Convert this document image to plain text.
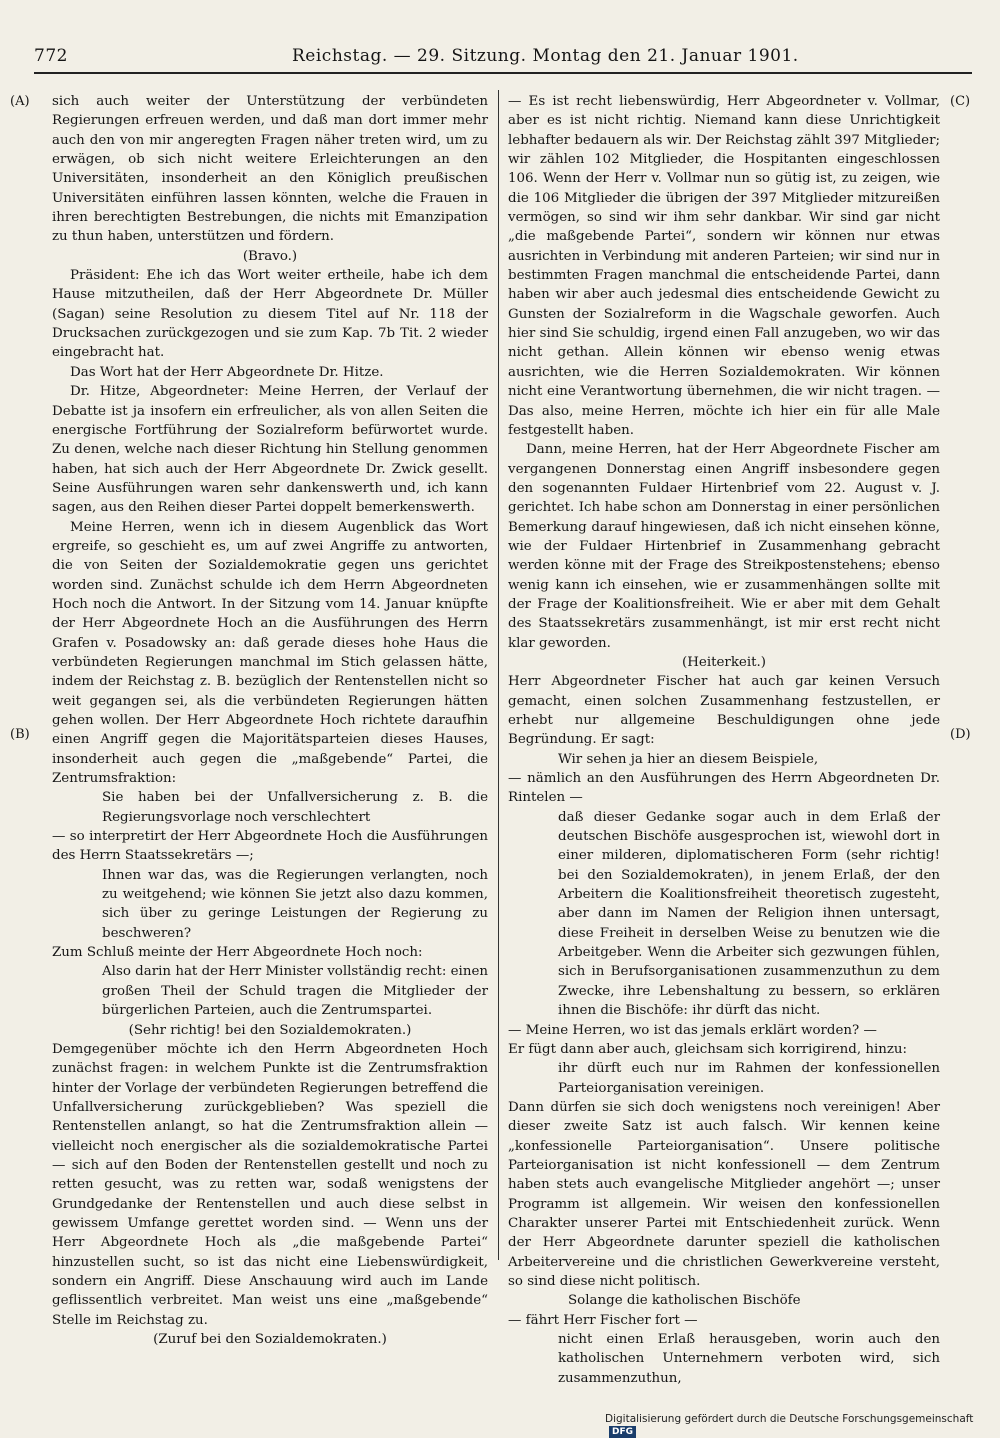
772	Reichstag. — 29. Sitzung. Montag den 21. Januar 1901.
(A)
(B)
(C)
(D)

sich auch weiter der Unterstützung der verbündeten Regierungen erfreuen werden, und daß man dort immer mehr auch den von mir angeregten Fragen näher treten wird, um zu erwägen, ob sich nicht weitere Erleichterungen an den Universitäten, insonderheit an den Königlich preußischen Universitäten einführen lassen könnten, welche die Frauen in ihren berechtigten Bestrebungen, die nichts mit Emanzipation zu thun haben, unterstützen und fördern.

(Bravo.)

Präsident: Ehe ich das Wort weiter ertheile, habe ich dem Hause mitzutheilen, daß der Herr Abgeordnete Dr. Müller (Sagan) seine Resolution zu diesem Titel auf Nr. 118 der Drucksachen zurückgezogen und sie zum Kap. 7b Tit. 2 wieder eingebracht hat.

Das Wort hat der Herr Abgeordnete Dr. Hitze.

Dr. Hitze, Abgeordneter: Meine Herren, der Verlauf der Debatte ist ja insofern ein erfreulicher, als von allen Seiten die energische Fortführung der Sozialreform befürwortet wurde. Zu denen, welche nach dieser Richtung hin Stellung genommen haben, hat sich auch der Herr Abgeordnete Dr. Zwick gesellt. Seine Ausführungen waren sehr dankenswerth und, ich kann sagen, aus den Reihen dieser Partei doppelt bemerkenswerth.

Meine Herren, wenn ich in diesem Augenblick das Wort ergreife, so geschieht es, um auf zwei Angriffe zu antworten, die von Seiten der Sozialdemokratie gegen uns gerichtet worden sind. Zunächst schulde ich dem Herrn Abgeordneten Hoch noch die Antwort. In der Sitzung vom 14. Januar knüpfte der Herr Abgeordnete Hoch an die Ausführungen des Herrn Grafen v. Posadowsky an: daß gerade dieses hohe Haus die verbündeten Regierungen manchmal im Stich gelassen hätte, indem der Reichstag z. B. bezüglich der Rentenstellen nicht so weit gegangen sei, als die verbündeten Regierungen hätten gehen wollen. Der Herr Abgeordnete Hoch richtete daraufhin einen Angriff gegen die Majoritätsparteien dieses Hauses, insonderheit auch gegen die „maßgebende“ Partei, die Zentrumsfraktion:

Sie haben bei der Unfallversicherung z. B. die Regierungsvorlage noch verschlechtert

— so interpretirt der Herr Abgeordnete Hoch die Ausführungen des Herrn Staatssekretärs —;

Ihnen war das, was die Regierungen verlangten, noch zu weitgehend; wie können Sie jetzt also dazu kommen, sich über zu geringe Leistungen der Regierung zu beschweren?

Zum Schluß meinte der Herr Abgeordnete Hoch noch:

Also darin hat der Herr Minister vollständig recht: einen großen Theil der Schuld tragen die Mitglieder der bürgerlichen Parteien, auch die Zentrumspartei.

(Sehr richtig! bei den Sozialdemokraten.)

Demgegenüber möchte ich den Herrn Abgeordneten Hoch zunächst fragen: in welchem Punkte ist die Zentrumsfraktion hinter der Vorlage der verbündeten Regierungen betreffend die Unfallversicherung zurückgeblieben? Was speziell die Rentenstellen anlangt, so hat die Zentrumsfraktion allein — vielleicht noch energischer als die sozialdemokratische Partei — sich auf den Boden der Rentenstellen gestellt und noch zu retten gesucht, was zu retten war, sodaß wenigstens der Grundgedanke der Rentenstellen und auch diese selbst in gewissem Umfange gerettet worden sind. — Wenn uns der Herr Abgeordnete Hoch als „die maßgebende Partei“ hinzustellen sucht, so ist das nicht eine Liebenswürdigkeit, sondern ein Angriff. Diese Anschauung wird auch im Lande geflissentlich verbreitet. Man weist uns eine „maßgebende“ Stelle im Reichstag zu.

(Zuruf bei den Sozialdemokraten.)

— Es ist recht liebenswürdig, Herr Abgeordneter v. Vollmar, aber es ist nicht richtig. Niemand kann diese Unrichtigkeit lebhafter bedauern als wir. Der Reichstag zählt 397 Mitglieder; wir zählen 102 Mitglieder, die Hospitanten eingeschlossen 106. Wenn der Herr v. Vollmar nun so gütig ist, zu zeigen, wie die 106 Mitglieder die übrigen der 397 Mitglieder mitzureißen vermögen, so sind wir ihm sehr dankbar. Wir sind gar nicht „die maßgebende Partei“, sondern wir können nur etwas ausrichten in Verbindung mit anderen Parteien; wir sind nur in bestimmten Fragen manchmal die entscheidende Partei, dann haben wir aber auch jedesmal dies entscheidende Gewicht zu Gunsten der Sozialreform in die Wagschale geworfen. Auch hier sind Sie schuldig, irgend einen Fall anzugeben, wo wir das nicht gethan. Allein können wir ebenso wenig etwas ausrichten, wie die Herren Sozialdemokraten. Wir können nicht eine Verantwortung übernehmen, die wir nicht tragen. — Das also, meine Herren, möchte ich hier ein für alle Male festgestellt haben.

Dann, meine Herren, hat der Herr Abgeordnete Fischer am vergangenen Donnerstag einen Angriff insbesondere gegen den sogenannten Fuldaer Hirtenbrief vom 22. August v. J. gerichtet. Ich habe schon am Donnerstag in einer persönlichen Bemerkung darauf hingewiesen, daß ich nicht einsehen könne, wie der Fuldaer Hirtenbrief in Zusammenhang gebracht werden könne mit der Frage des Streikpostenstehens; ebenso wenig kann ich einsehen, wie er zusammenhängen sollte mit der Frage der Koalitionsfreiheit. Wie er aber mit dem Gehalt des Staatssekretärs zusammenhängt, ist mir erst recht nicht klar geworden.

(Heiterkeit.)

Herr Abgeordneter Fischer hat auch gar keinen Versuch gemacht, einen solchen Zusammenhang festzustellen, er erhebt nur allgemeine Beschuldigungen ohne jede Begründung. Er sagt:

Wir sehen ja hier an diesem Beispiele,

— nämlich an den Ausführungen des Herrn Abgeordneten Dr. Rintelen —

daß dieser Gedanke sogar auch in dem Erlaß der deutschen Bischöfe ausgesprochen ist, wiewohl dort in einer milderen, diplomatischeren Form (sehr richtig! bei den Sozialdemokraten), in jenem Erlaß, der den Arbeitern die Koalitionsfreiheit theoretisch zugesteht, aber dann im Namen der Religion ihnen untersagt, diese Freiheit in derselben Weise zu benutzen wie die Arbeitgeber. Wenn die Arbeiter sich gezwungen fühlen, sich in Berufsorganisationen zusammenzuthun zu dem Zwecke, ihre Lebenshaltung zu bessern, so erklären ihnen die Bischöfe: ihr dürft das nicht.

— Meine Herren, wo ist das jemals erklärt worden? —

Er fügt dann aber auch, gleichsam sich korrigirend, hinzu:

ihr dürft euch nur im Rahmen der konfessionellen Parteiorganisation vereinigen.

Dann dürfen sie sich doch wenigstens noch vereinigen! Aber dieser zweite Satz ist auch falsch. Wir kennen keine „konfessionelle Parteiorganisation“. Unsere politische Parteiorganisation ist nicht konfessionell — dem Zentrum haben stets auch evangelische Mitglieder angehört —; unser Programm ist allgemein. Wir weisen den konfessionellen Charakter unserer Partei mit Entschiedenheit zurück. Wenn der Herr Abgeordnete darunter speziell die katholischen Arbeitervereine und die christlichen Gewerkvereine versteht, so sind diese nicht politisch.

Solange die katholischen Bischöfe

— fährt Herr Fischer fort —

nicht einen Erlaß herausgeben, worin auch den katholischen Unternehmern verboten wird, sich zusammenzuthun,

Digitalisierung gefördert durch die Deutsche Forschungsgemeinschaft DFG
